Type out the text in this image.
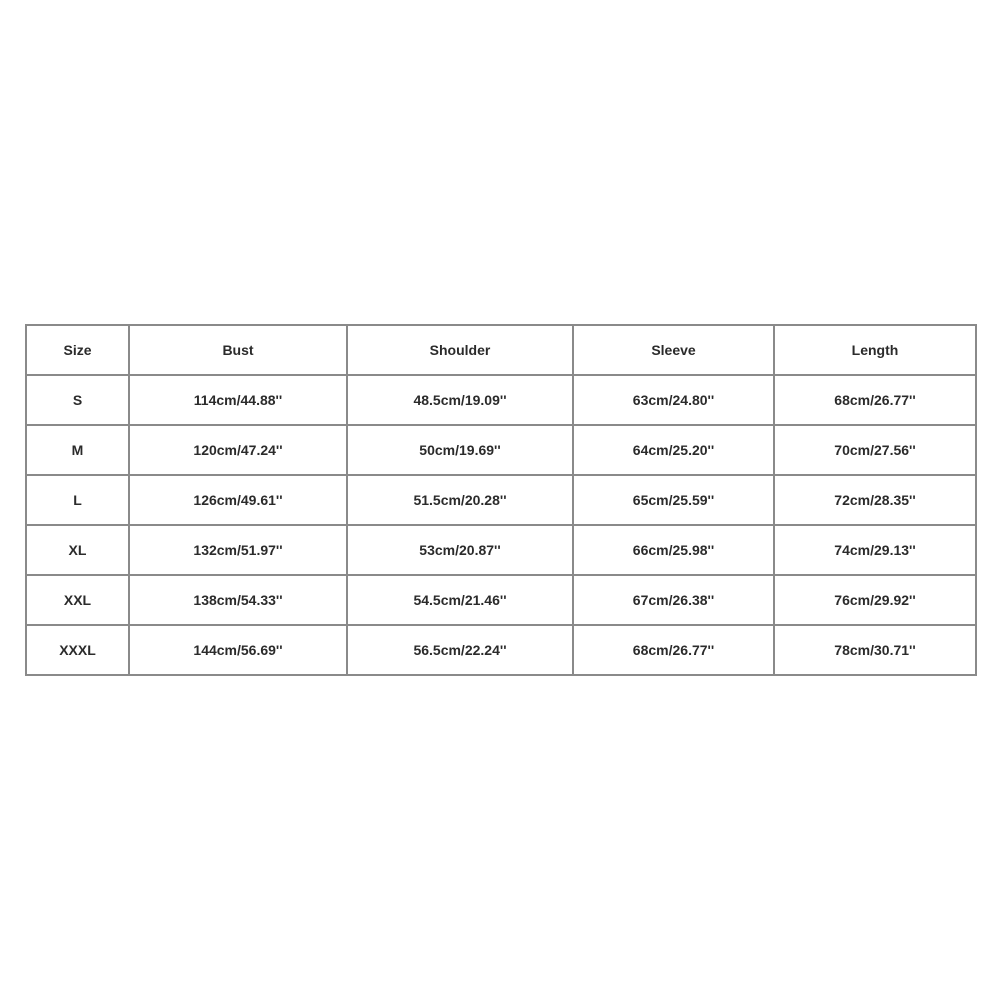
Size	Bust	Shoulder	Sleeve	Length
S	114cm/44.88''	48.5cm/19.09''	63cm/24.80''	68cm/26.77''
M	120cm/47.24''	50cm/19.69''	64cm/25.20''	70cm/27.56''
L	126cm/49.61''	51.5cm/20.28''	65cm/25.59''	72cm/28.35''
XL	132cm/51.97''	53cm/20.87''	66cm/25.98''	74cm/29.13''
XXL	138cm/54.33''	54.5cm/21.46''	67cm/26.38''	76cm/29.92''
XXXL	144cm/56.69''	56.5cm/22.24''	68cm/26.77''	78cm/30.71''
